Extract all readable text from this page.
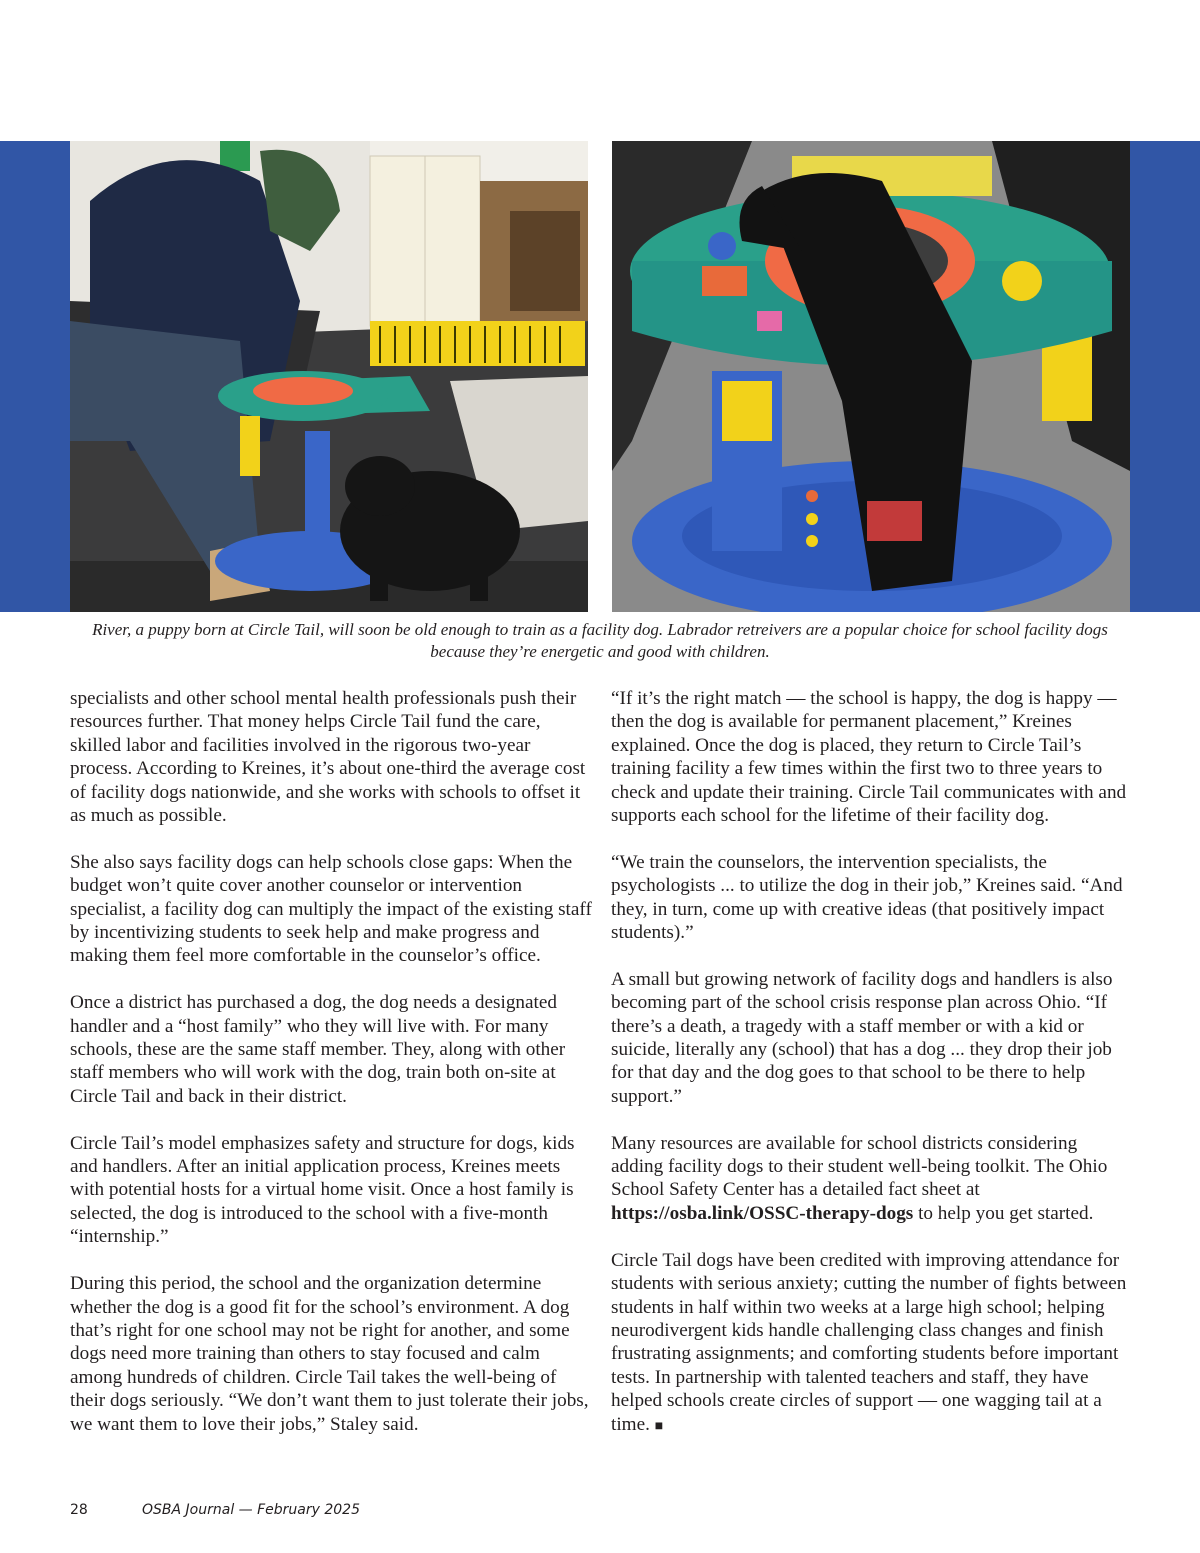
River, a puppy born at Circle Tail, will soon be old enough to train as a facility dog. Labrador retreivers are a popular choice for school facility dogs because they’re energetic and good with children.

specialists and other school mental health professionals push their resources further. That money helps Circle Tail fund the care, skilled labor and facilities involved in the rigorous two-year process. According to Kreines, it’s about one-third the average cost of facility dogs nationwide, and she works with schools to offset it as much as possible.

She also says facility dogs can help schools close gaps: When the budget won’t quite cover another counselor or intervention specialist, a facility dog can multiply the impact of the existing staff by incentivizing students to seek help and make progress and making them feel more comfortable in the counselor’s office.

Once a district has purchased a dog, the dog needs a designated handler and a “host family” who they will live with. For many schools, these are the same staff member. They, along with other staff members who will work with the dog, train both on-site at Circle Tail and back in their district.

Circle Tail’s model emphasizes safety and structure for dogs, kids and handlers. After an initial application process, Kreines meets with potential hosts for a virtual home visit. Once a host family is selected, the dog is introduced to the school with a five-month “internship.”

During this period, the school and the organization determine whether the dog is a good fit for the school’s environment. A dog that’s right for one school may not be right for another, and some dogs need more training than others to stay focused and calm among hundreds of children. Circle Tail takes the well-being of their dogs seriously. “We don’t want them to just tolerate their jobs, we want them to love their jobs,” Staley said.

“If it’s the right match — the school is happy, the dog is happy — then the dog is available for permanent placement,” Kreines explained. Once the dog is placed, they return to Circle Tail’s training facility a few times within the first two to three years to check and update their training. Circle Tail communicates with and supports each school for the lifetime of their facility dog.

“We train the counselors, the intervention specialists, the psychologists ... to utilize the dog in their job,” Kreines said. “And they, in turn, come up with creative ideas (that positively impact students).”

A small but growing network of facility dogs and handlers is also becoming part of the school crisis response plan across Ohio. “If there’s a death, a tragedy with a staff member or with a kid or suicide, literally any (school) that has a dog ... they drop their job for that day and the dog goes to that school to be there to help support.”

Many resources are available for school districts considering adding facility dogs to their student well-being toolkit. The Ohio School Safety Center has a detailed fact sheet at https://osba.link/OSSC-therapy-dogs to help you get started.

Circle Tail dogs have been credited with improving attendance for students with serious anxiety; cutting the number of fights between students in half within two weeks at a large high school; helping neurodivergent kids handle challenging class changes and finish frustrating assignments; and comforting students before important tests. In partnership with talented teachers and staff, they have helped schools create circles of support — one wagging tail at a time. ■

28	OSBA Journal — February 2025
